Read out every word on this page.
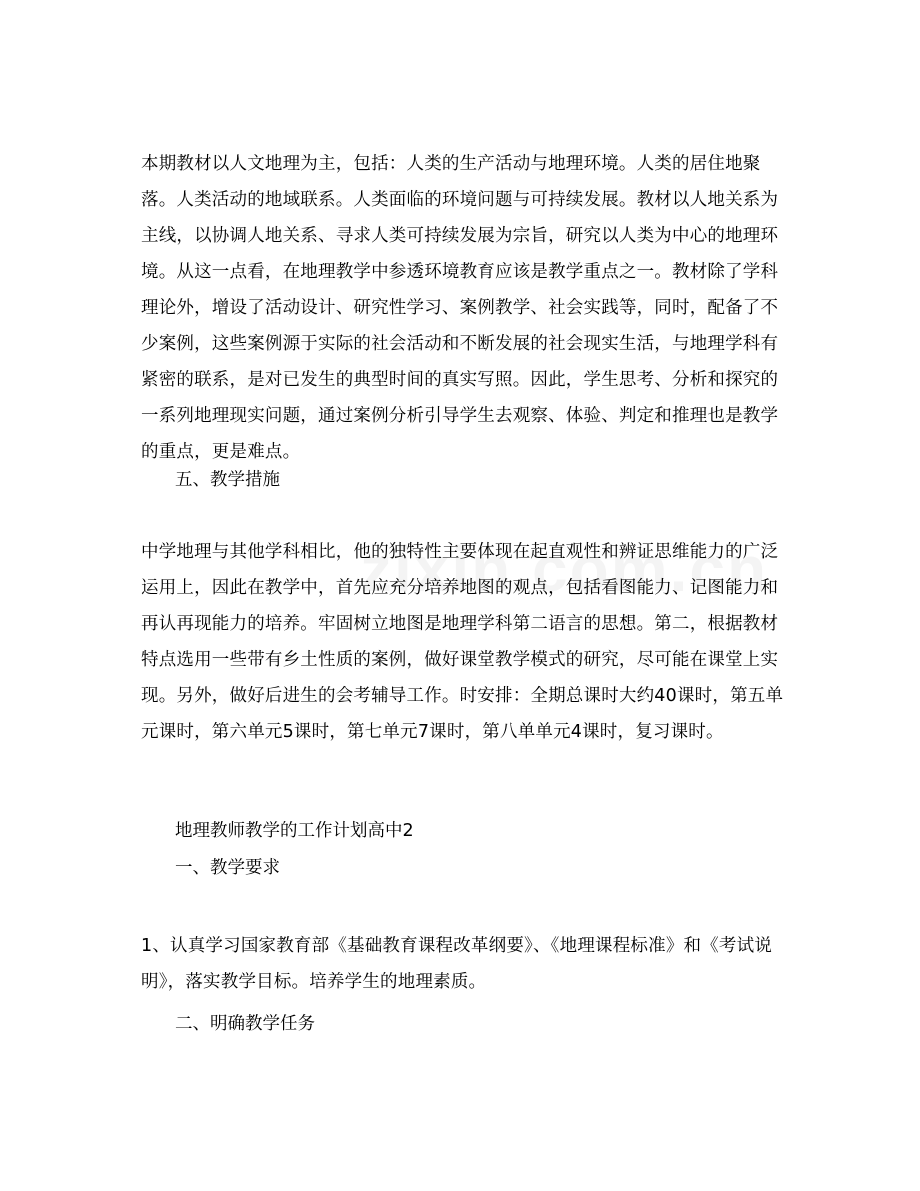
本期教材以人文地理为主，包括：人类的生产活动与地理环境。人类的居住地聚落。人类活动的地域联系。人类面临的环境问题与可持续发展。教材以人地关系为主线，以协调人地关系、寻求人类可持续发展为宗旨，研究以人类为中心的地理环境。从这一点看，在地理教学中参透环境教育应该是教学重点之一。教材除了学科理论外，增设了活动设计、研究性学习、案例教学、社会实践等，同时，配备了不少案例，这些案例源于实际的社会活动和不断发展的社会现实生活，与地理学科有紧密的联系，是对已发生的典型时间的真实写照。因此，学生思考、分析和探究的一系列地理现实问题，通过案例分析引导学生去观察、体验、判定和推理也是教学的重点，更是难点。
五、教学措施
中学地理与其他学科相比，他的独特性主要体现在起直观性和辨证思维能力的广泛运用上，因此在教学中，首先应充分培养地图的观点，包括看图能力、记图能力和再认再现能力的培养。牢固树立地图是地理学科第二语言的思想。第二，根据教材特点选用一些带有乡土性质的案例，做好课堂教学模式的研究，尽可能在课堂上实现。另外，做好后进生的会考辅导工作。时安排：全期总课时大约40课时，第五单元课时，第六单元5课时，第七单元7课时，第八单单元4课时，复习课时。
地理教师教学的工作计划高中2
一、教学要求
1、认真学习国家教育部《基础教育课程改革纲要》、《地理课程标准》和《考试说明》，落实教学目标。培养学生的地理素质。
二、明确教学任务
